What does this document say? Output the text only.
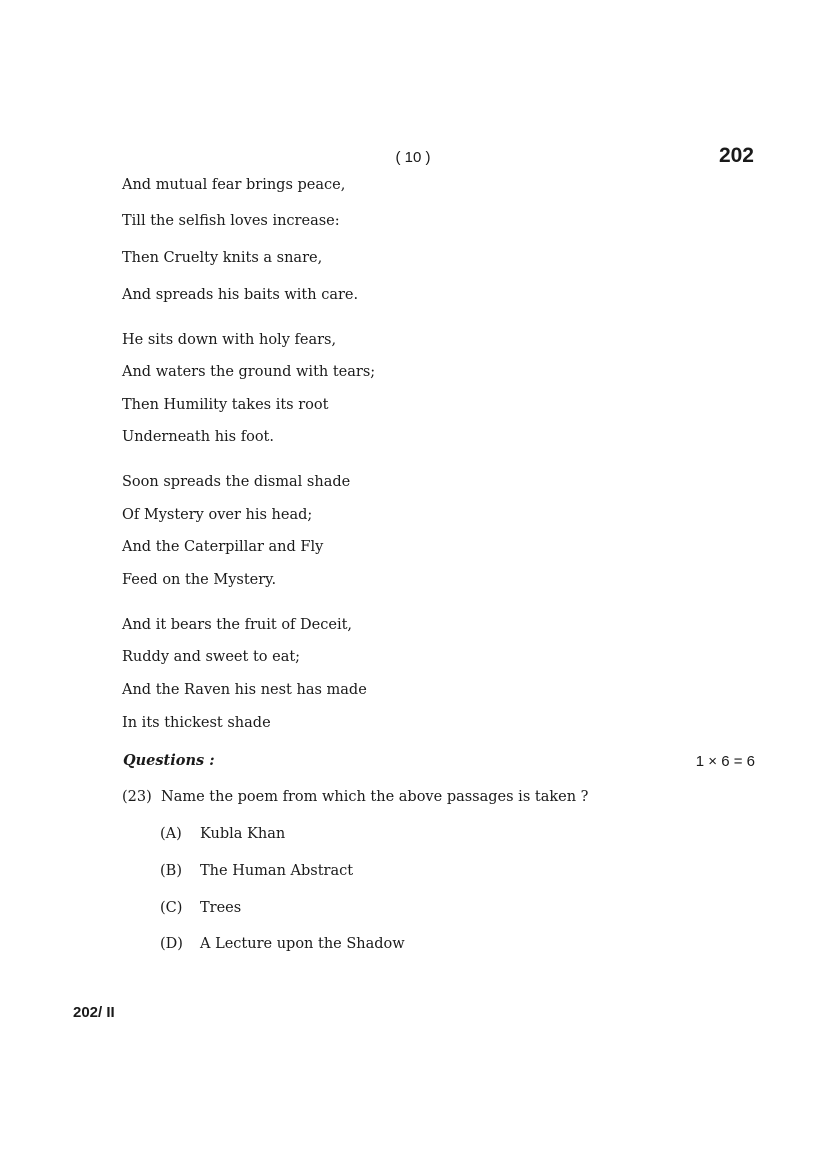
( 10 )	202
And mutual fear brings peace,
Till the selfish loves increase:
Then Cruelty knits a snare,
And spreads his baits with care.
He sits down with holy fears,
And waters the ground with tears;
Then Humility takes its root
Underneath his foot.
Soon spreads the dismal shade
Of Mystery over his head;
And the Caterpillar and Fly
Feed on the Mystery.
And it bears the fruit of Deceit,
Ruddy and sweet to eat;
And the Raven his nest has made
In its thickest shade
Questions :	1 × 6 = 6
(23) Name the poem from which the above passages is taken ?
(A) Kubla Khan
(B) The Human Abstract
(C) Trees
(D) A Lecture upon the Shadow
202/ II
